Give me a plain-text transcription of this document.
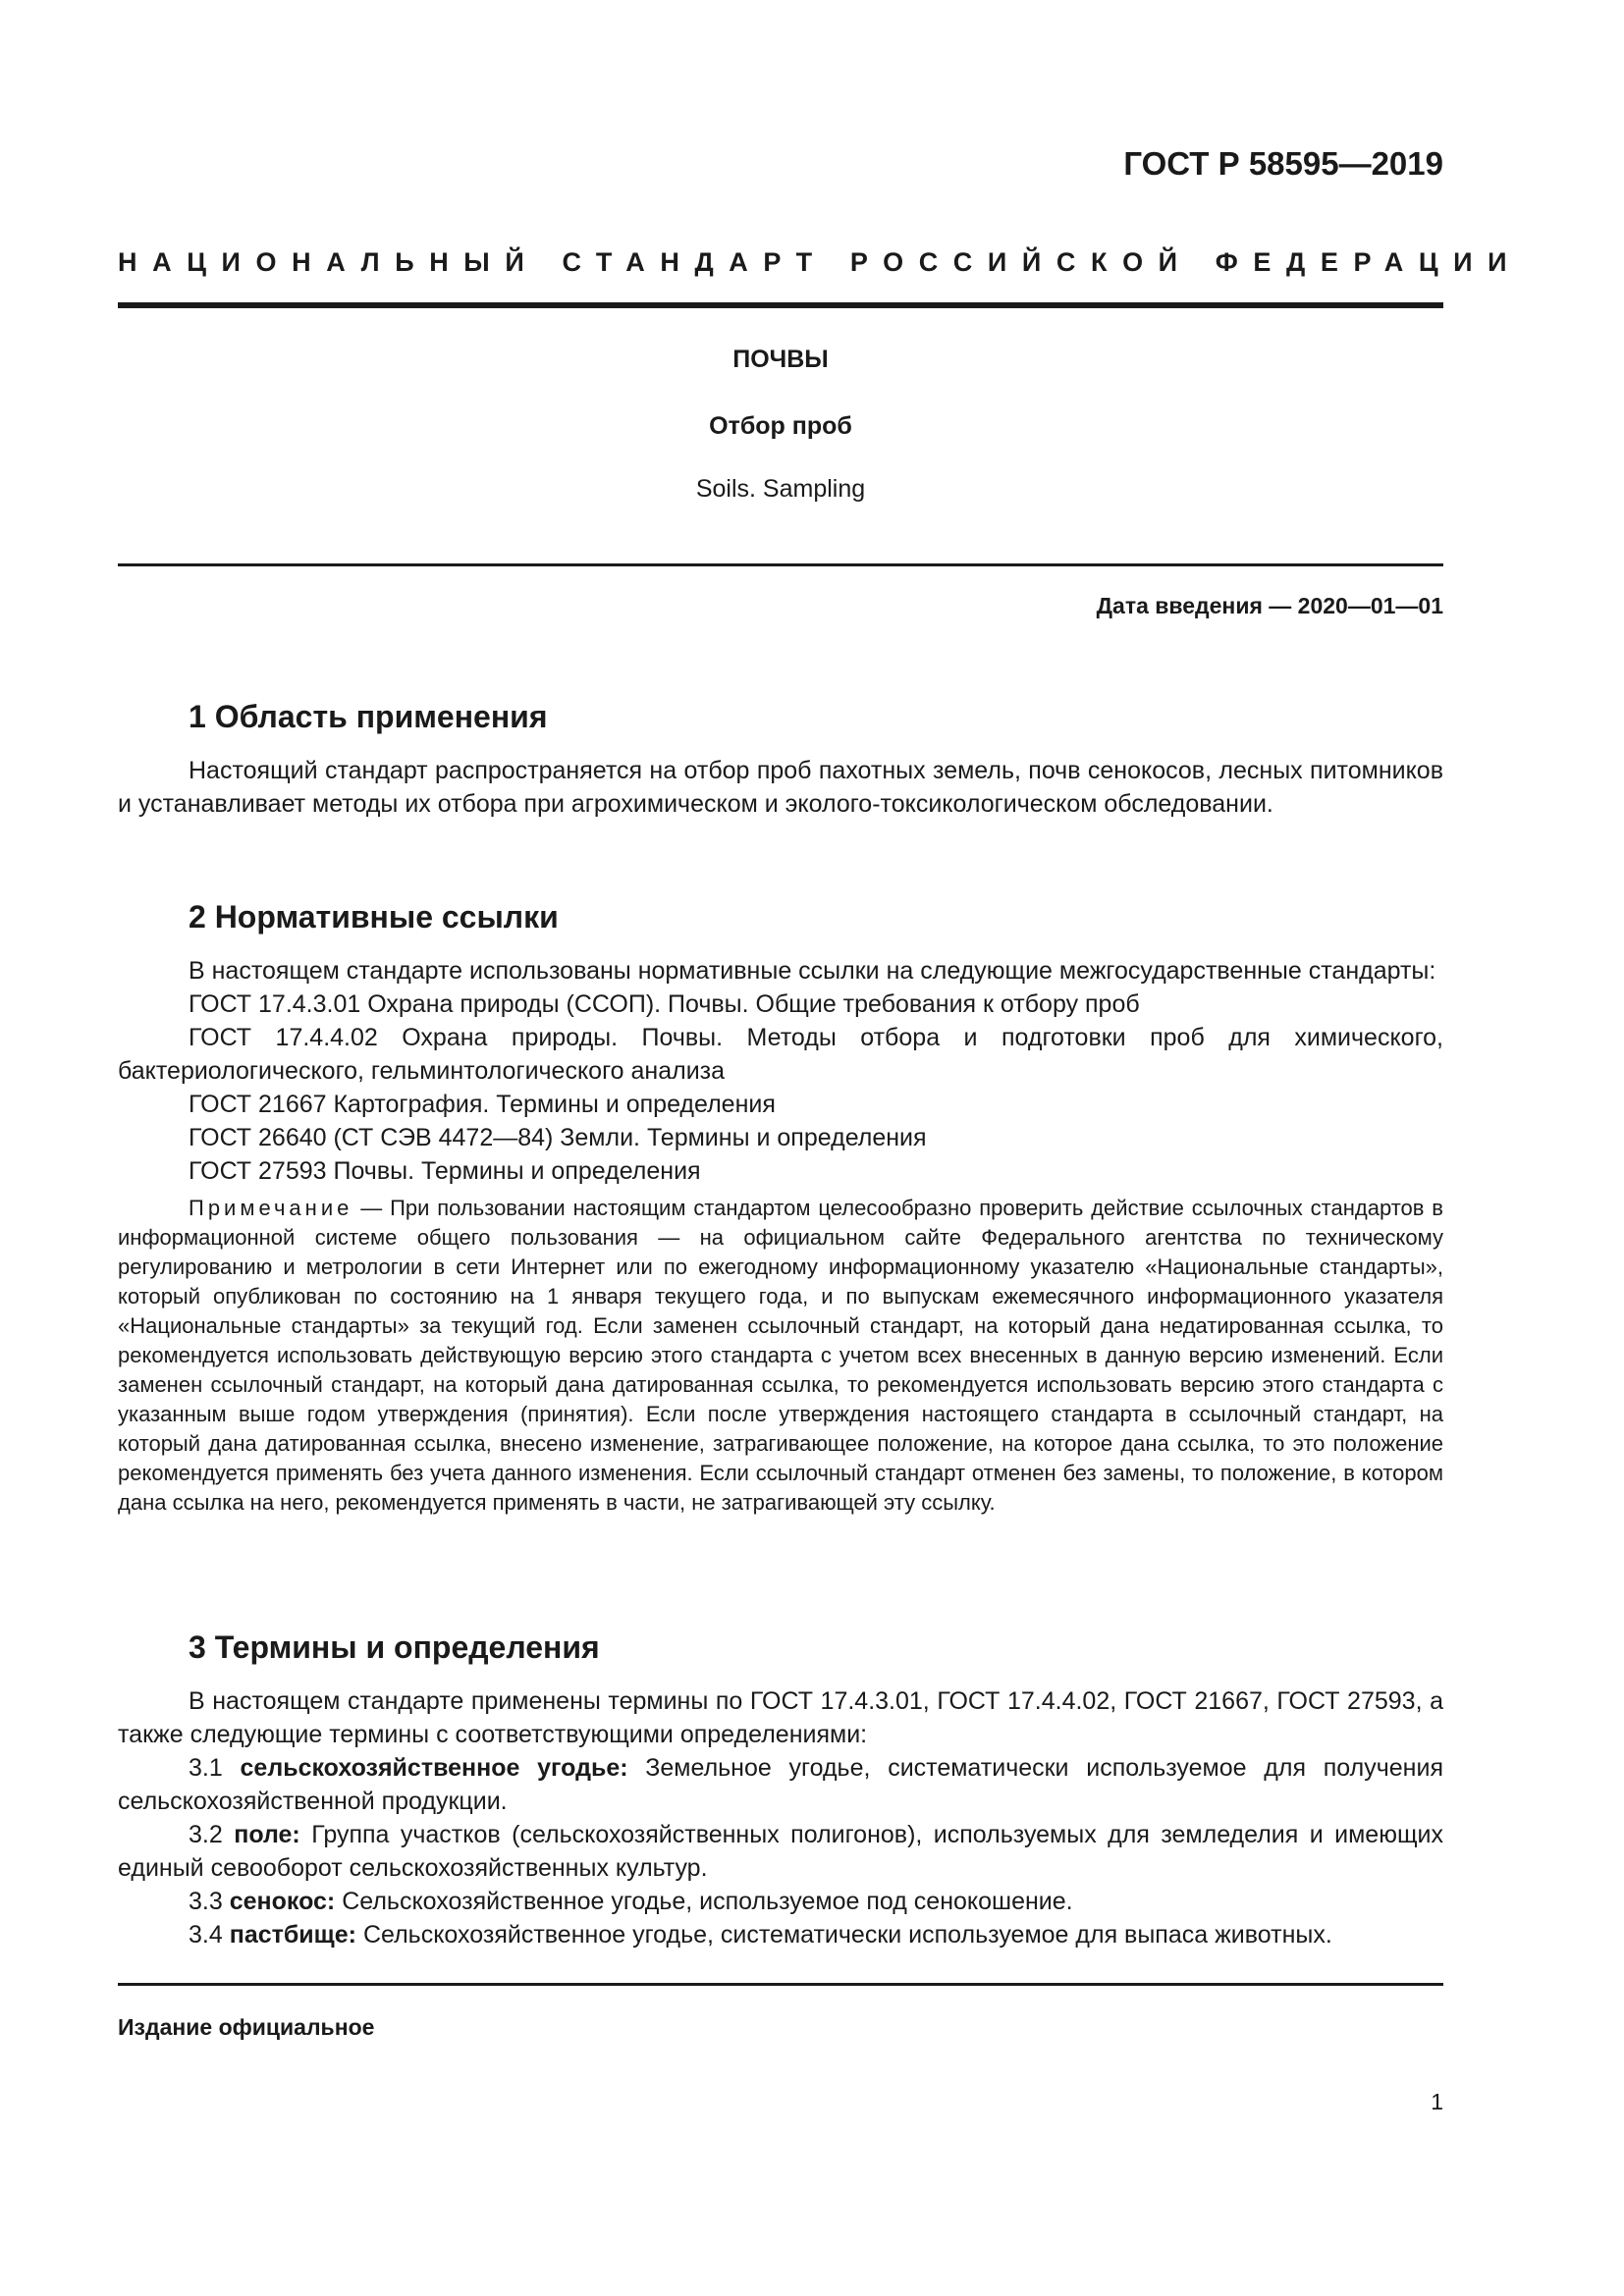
ГОСТ Р 58595—2019
НАЦИОНАЛЬНЫЙ СТАНДАРТ РОССИЙСКОЙ ФЕДЕРАЦИИ
ПОЧВЫ
Отбор проб
Soils. Sampling
Дата введения — 2020—01—01
1 Область применения

Настоящий стандарт распространяется на отбор проб пахотных земель, почв сенокосов, лесных питомников и устанавливает методы их отбора при агрохимическом и эколого-токсикологическом обследовании.

2 Нормативные ссылки

В настоящем стандарте использованы нормативные ссылки на следующие межгосударственные стандарты:

ГОСТ 17.4.3.01 Охрана природы (ССОП). Почвы. Общие требования к отбору проб

ГОСТ 17.4.4.02 Охрана природы. Почвы. Методы отбора и подготовки проб для химического, бактериологического, гельминтологического анализа

ГОСТ 21667 Картография. Термины и определения

ГОСТ 26640 (СТ СЭВ 4472—84) Земли. Термины и определения

ГОСТ 27593 Почвы. Термины и определения

Примечание — При пользовании настоящим стандартом целесообразно проверить действие ссылочных стандартов в информационной системе общего пользования — на официальном сайте Федерального агентства по техническому регулированию и метрологии в сети Интернет или по ежегодному информационному указателю «Национальные стандарты», который опубликован по состоянию на 1 января текущего года, и по выпускам ежемесячного информационного указателя «Национальные стандарты» за текущий год. Если заменен ссылочный стандарт, на который дана недатированная ссылка, то рекомендуется использовать действующую версию этого стандарта с учетом всех внесенных в данную версию изменений. Если заменен ссылочный стандарт, на который дана датированная ссылка, то рекомендуется использовать версию этого стандарта с указанным выше годом утверждения (принятия). Если после утверждения настоящего стандарта в ссылочный стандарт, на который дана датированная ссылка, внесено изменение, затрагивающее положение, на которое дана ссылка, то это положение рекомендуется применять без учета данного изменения. Если ссылочный стандарт отменен без замены, то положение, в котором дана ссылка на него, рекомендуется применять в части, не затрагивающей эту ссылку.
3 Термины и определения

В настоящем стандарте применены термины по ГОСТ 17.4.3.01, ГОСТ 17.4.4.02, ГОСТ 21667, ГОСТ 27593, а также следующие термины с соответствующими определениями:

3.1 сельскохозяйственное угодье: Земельное угодье, систематически используемое для получения сельскохозяйственной продукции.

3.2 поле: Группа участков (сельскохозяйственных полигонов), используемых для земледелия и имеющих единый севооборот сельскохозяйственных культур.

3.3 сенокос: Сельскохозяйственное угодье, используемое под сенокошение.

3.4 пастбище: Сельскохозяйственное угодье, систематически используемое для выпаса животных.

Издание официальное
1
